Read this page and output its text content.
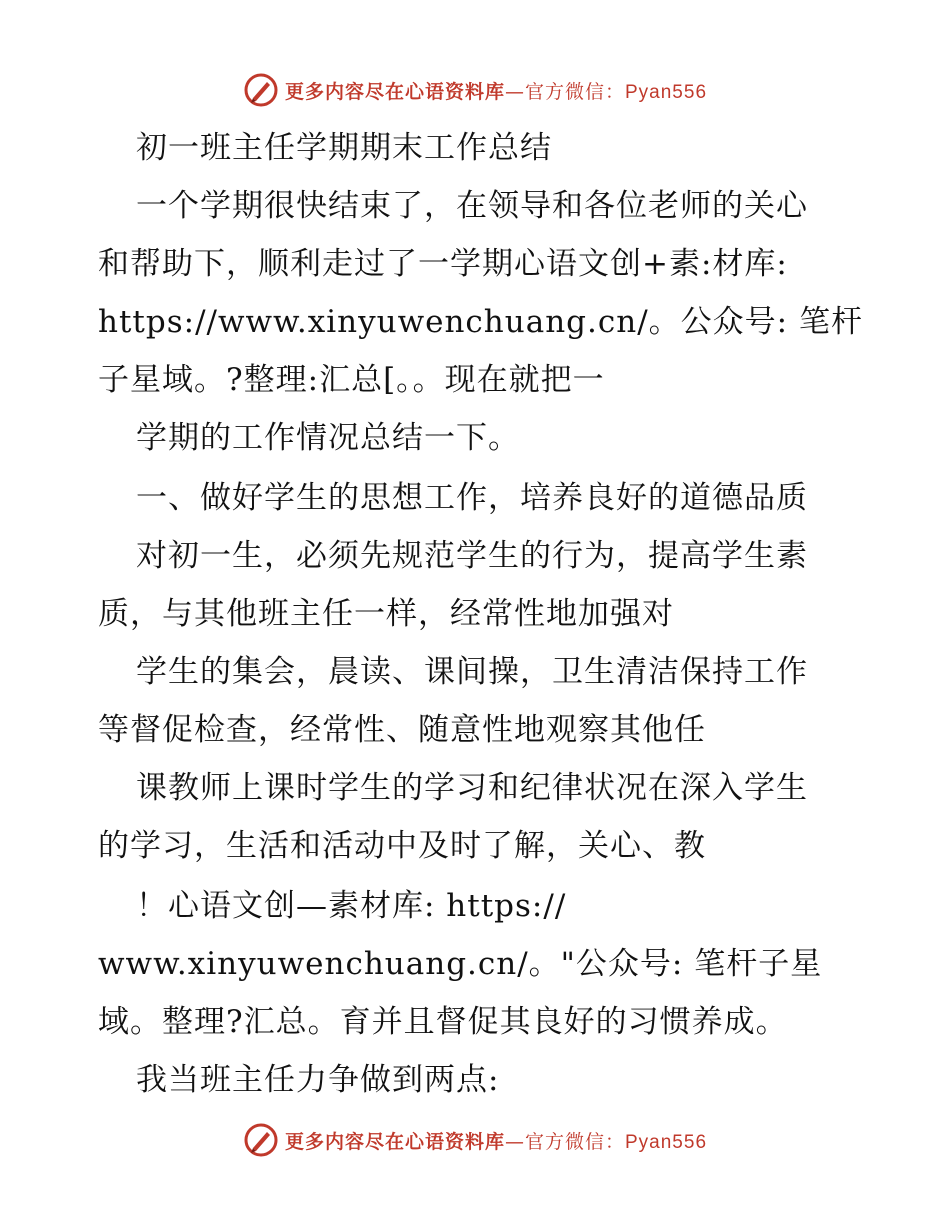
更多内容尽在心语资料库—官方微信：Pyan556
初一班主任学期期末工作总结
一个学期很快结束了，在领导和各位老师的关心
和帮助下，顺利走过了一学期心语文创+素:材库:
https://www.xinyuwenchuang.cn/。公众号: 笔杆
子星域。?整理:汇总[。。现在就把一
学期的工作情况总结一下。
一、做好学生的思想工作，培养良好的道德品质
对初一生，必须先规范学生的行为，提高学生素
质，与其他班主任一样，经常性地加强对
学生的集会，晨读、课间操，卫生清洁保持工作
等督促检查，经常性、随意性地观察其他任
课教师上课时学生的学习和纪律状况在深入学生
的学习，生活和活动中及时了解，关心、教
！心语文创—素材库: https://
www.xinyuwenchuang.cn/。"公众号: 笔杆子星
域。整理?汇总。育并且督促其良好的习惯养成。
我当班主任力争做到两点:
更多内容尽在心语资料库—官方微信：Pyan556
